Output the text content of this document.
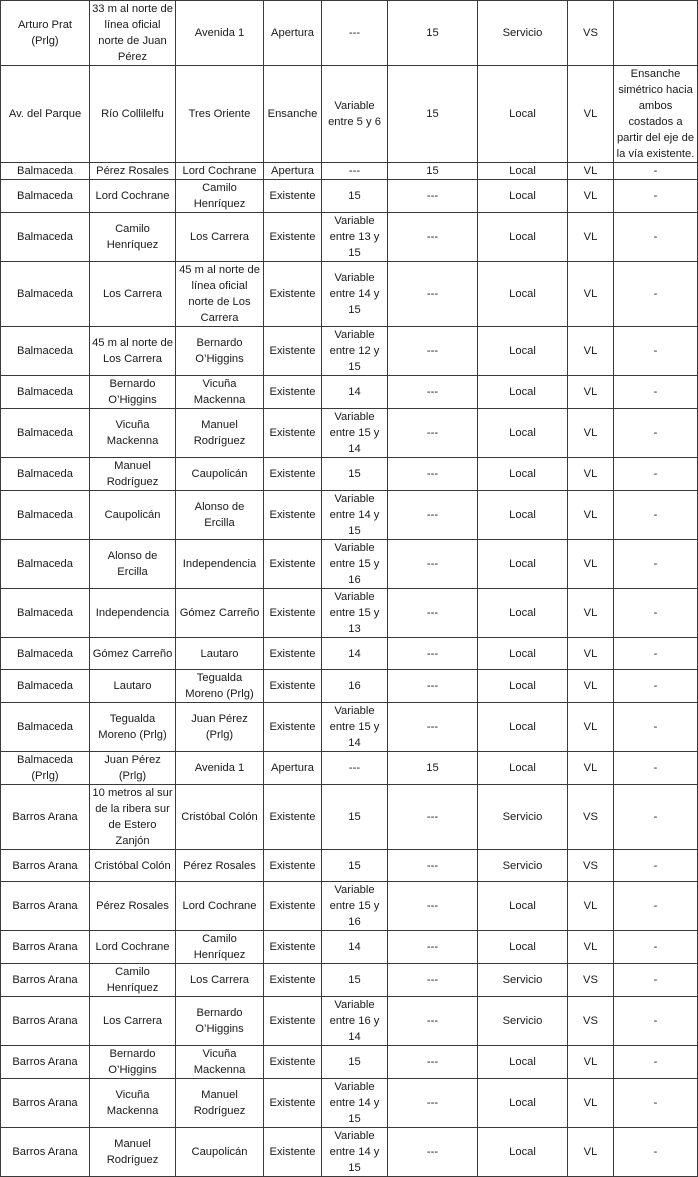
Arturo Prat (Prlg)	33 m al norte de línea oficial norte de Juan Pérez	Avenida 1	Apertura	---	15	Servicio	VS	
Av. del Parque	Río Collilelfu	Tres Oriente	Ensanche	Variable entre 5 y 6	15	Local	VL	Ensanche simétrico hacia ambos costados a partir del eje de la vía existente.
Balmaceda	Pérez Rosales	Lord Cochrane	Apertura	---	15	Local	VL	-
Balmaceda	Lord Cochrane	Camilo Henríquez	Existente	15	---	Local	VL	-
Balmaceda	Camilo Henríquez	Los Carrera	Existente	Variable entre 13 y 15	---	Local	VL	-
Balmaceda	Los Carrera	45 m al norte de línea oficial norte de Los Carrera	Existente	Variable entre 14 y 15	---	Local	VL	-
Balmaceda	45 m al norte de Los Carrera	Bernardo O’Higgins	Existente	Variable entre 12 y 15	---	Local	VL	-
Balmaceda	Bernardo O’Higgins	Vicuña Mackenna	Existente	14	---	Local	VL	-
Balmaceda	Vicuña Mackenna	Manuel Rodríguez	Existente	Variable entre 15 y 14	---	Local	VL	-
Balmaceda	Manuel Rodríguez	Caupolicán	Existente	15	---	Local	VL	-
Balmaceda	Caupolicán	Alonso de Ercilla	Existente	Variable entre 14 y 15	---	Local	VL	-
Balmaceda	Alonso de Ercilla	Independencia	Existente	Variable entre 15 y 16	---	Local	VL	-
Balmaceda	Independencia	Gómez Carreño	Existente	Variable entre 15 y 13	---	Local	VL	-
Balmaceda	Gómez Carreño	Lautaro	Existente	14	---	Local	VL	-
Balmaceda	Lautaro	Tegualda Moreno (Prlg)	Existente	16	---	Local	VL	-
Balmaceda	Tegualda Moreno (Prlg)	Juan Pérez (Prlg)	Existente	Variable entre 15 y 14	---	Local	VL	-
Balmaceda (Prlg)	Juan Pérez (Prlg)	Avenida 1	Apertura	---	15	Local	VL	-
Barros Arana	10 metros al sur de la ribera sur de Estero Zanjón	Cristóbal Colón	Existente	15	---	Servicio	VS	-
Barros Arana	Cristóbal Colón	Pérez Rosales	Existente	15	---	Servicio	VS	-
Barros Arana	Pérez Rosales	Lord Cochrane	Existente	Variable entre 15 y 16	---	Local	VL	-
Barros Arana	Lord Cochrane	Camilo Henríquez	Existente	14	---	Local	VL	-
Barros Arana	Camilo Henríquez	Los Carrera	Existente	15	---	Servicio	VS	-
Barros Arana	Los Carrera	Bernardo O’Higgins	Existente	Variable entre 16 y 14	---	Servicio	VS	-
Barros Arana	Bernardo O’Higgins	Vicuña Mackenna	Existente	15	---	Local	VL	-
Barros Arana	Vicuña Mackenna	Manuel Rodríguez	Existente	Variable entre 14 y 15	---	Local	VL	-
Barros Arana	Manuel Rodríguez	Caupolicán	Existente	Variable entre 14 y 15	---	Local	VL	-
